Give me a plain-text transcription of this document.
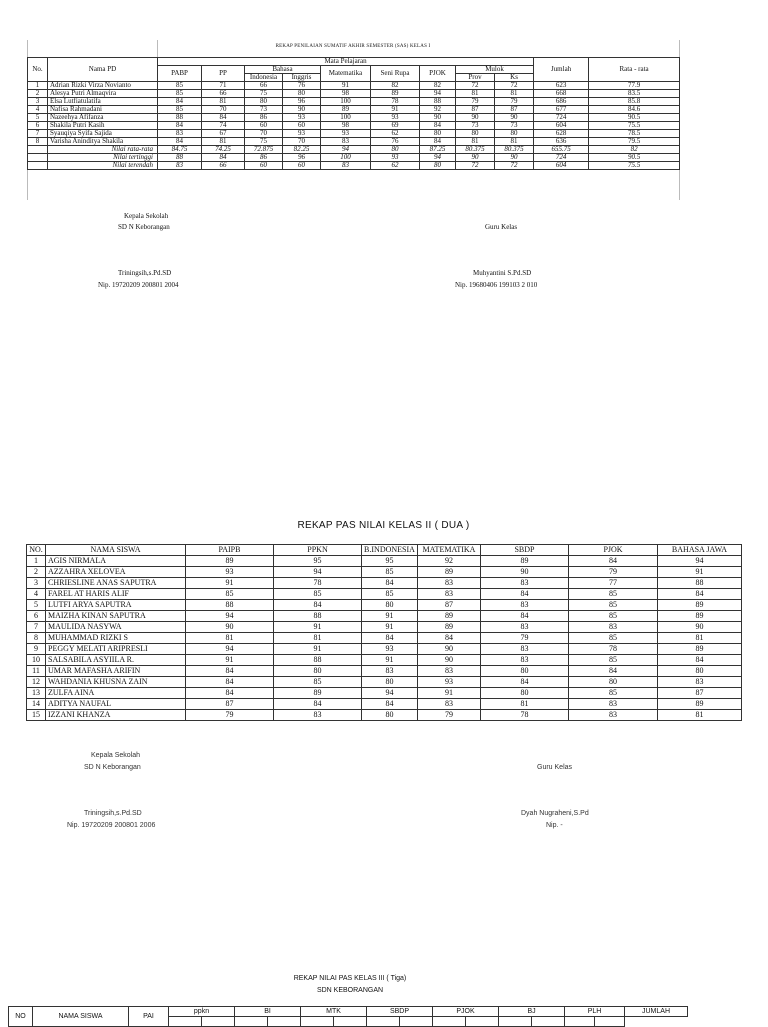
REKAP PENILAIAN SUMATIF AKHIR SEMESTER (SAS) KELAS I
No.	Nama PD	Mata Pelajaran									Jumlah	Rata - rata
		PABP	PP	Bahasa		Matematika	Seni Rupa	PJOK	Mulok			
				Indonesia	Inggris				Prov	Ks		
1	Adrian Rizki Virza Novianto	85	71	66	76	91	82	82	72	72	623	77.9
2	Alesya Putri Almaqvira	85	66	75	80	98	89	94	81	81	668	83.5
3	Elsa Lutfiatulatifa	84	81	80	96	100	78	88	79	79	686	85.8
4	Nafisa Rahmadani	85	70	73	90	89	91	92	87	87	677	84.6
5	Nazeehya Afifanza	88	84	86	93	100	93	90	90	90	724	90.5
6	Shakila Putri Kasih	84	74	60	60	98	69	84	73	73	604	75.5
7	Syauqiya Syifa Sajida	83	67	70	93	93	62	80	80	80	628	78.5
8	Varisha Aninditya Shakila	84	81	75	70	83	76	84	81	81	636	79.5
	Nilai rata-rata	84.75	74.25	72.875	82.25	94	80	87.25	80.375	80.375	655.75	82
	Nilai tertinggi	88	84	86	96	100	93	94	90	90	724	90.5
	Nilai terendah	83	66	60	60	83	62	80	72	72	604	75.5
Kepala Sekolah
SD N Keborangan	Guru Kelas
Triningsih,s.Pd.SD
Nip. 19720209 200801 2004
Muhyantini S.Pd.SD
Nip. 19680406 199103 2 010
REKAP PAS NILAI KELAS II ( DUA )
NO.	NAMA SISWA	PAIPB	PPKN	B.INDONESIA	MATEMATIKA	SBDP	PJOK	BAHASA JAWA
1	AGIS NIRMALA	89	95	95	92	89	84	94
2	AZZAHRA XELOVEA	93	94	85	89	90	79	91
3	CHRIESLINE ANAS SAPUTRA	91	78	84	83	83	77	88
4	FAREL AT HARIS ALIF	85	85	85	83	84	85	84
5	LUTFI ARYA SAPUTRA	88	84	80	87	83	85	89
6	MAIZHA KINAN SAPUTRA	94	88	91	89	84	85	89
7	MAULIDA NASYWA	90	91	91	89	83	83	90
8	MUHAMMAD RIZKI S	81	81	84	84	79	85	81
9	PEGGY MELATI ARIPRESLI	94	91	93	90	83	78	89
10	SALSABILA ASYIILA R.	91	88	91	90	83	85	84
11	UMAR MAFASHA ARIFIN	84	80	83	83	80	84	80
12	WAHDANIA KHUSNA ZAIN	84	85	80	93	84	80	83
13	ZULFA AINA	84	89	94	91	80	85	87
14	ADITYA NAUFAL	87	84	84	83	81	83	89
15	IZZANI KHANZA	79	83	80	79	78	83	81
Kepala Sekolah
SD N Keborangan	Guru Kelas
Triningsih,s.Pd.SD
Nip. 19720209 200801 2006
Dyah Nugraheni,S.Pd
Nip. -
REKAP NILAI PAS KELAS III ( Tiga)
SDN KEBORANGAN
NO	NAMA SISWA	PAI	ppkn		BI		MTK		SBDP		PJOK		BJ		PLH		JUMLAH
